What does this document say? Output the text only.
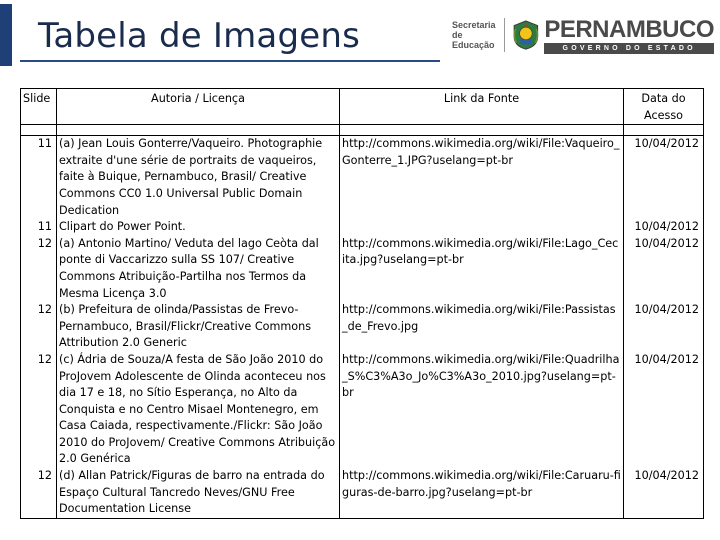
Tabela de Imagens	Secretaria de
Educação
PERNAMBUCO
GOVERNO DO ESTADO
Slide	Autoria / Licença	Link da Fonte	Data do Acesso

11	(a) Jean Louis Gonterre/Vaqueiro. Photographie extraite d'une série de portraits de vaqueiros, faite à Buique, Pernambuco, Brasil/ Creative Commons CC0 1.0 Universal Public Domain Dedication	http://commons.wikimedia.org/wiki/File:Vaqueiro_Gonterre_1.JPG?uselang=pt-br	10/04/2012
11	Clipart do Power Point.		10/04/2012
12	(a) Antonio Martino/ Veduta del lago Ceòta dal ponte di Vaccarizzo sulla SS 107/ Creative Commons Atribuição-Partilha nos Termos da Mesma Licença 3.0	http://commons.wikimedia.org/wiki/File:Lago_Cecita.jpg?uselang=pt-br	10/04/2012
12	(b) Prefeitura de olinda/Passistas de Frevo-Pernambuco, Brasil/Flickr/Creative Commons Attribution 2.0 Generic	http://commons.wikimedia.org/wiki/File:Passistas_de_Frevo.jpg	10/04/2012
12	(c) Ádria de Souza/A festa de São João 2010 do ProJovem Adolescente de Olinda aconteceu nos dia 17 e 18, no Sítio Esperança, no Alto da Conquista e no Centro Misael Montenegro, em Casa Caiada, respectivamente./Flickr: São João 2010 do ProJovem/ Creative Commons Atribuição 2.0 Genérica	http://commons.wikimedia.org/wiki/File:Quadrilha_S%C3%A3o_Jo%C3%A3o_2010.jpg?uselang=pt-br	10/04/2012
12	(d) Allan Patrick/Figuras de barro na entrada do Espaço Cultural Tancredo Neves/GNU Free Documentation License	http://commons.wikimedia.org/wiki/File:Caruaru-figuras-de-barro.jpg?uselang=pt-br	10/04/2012
